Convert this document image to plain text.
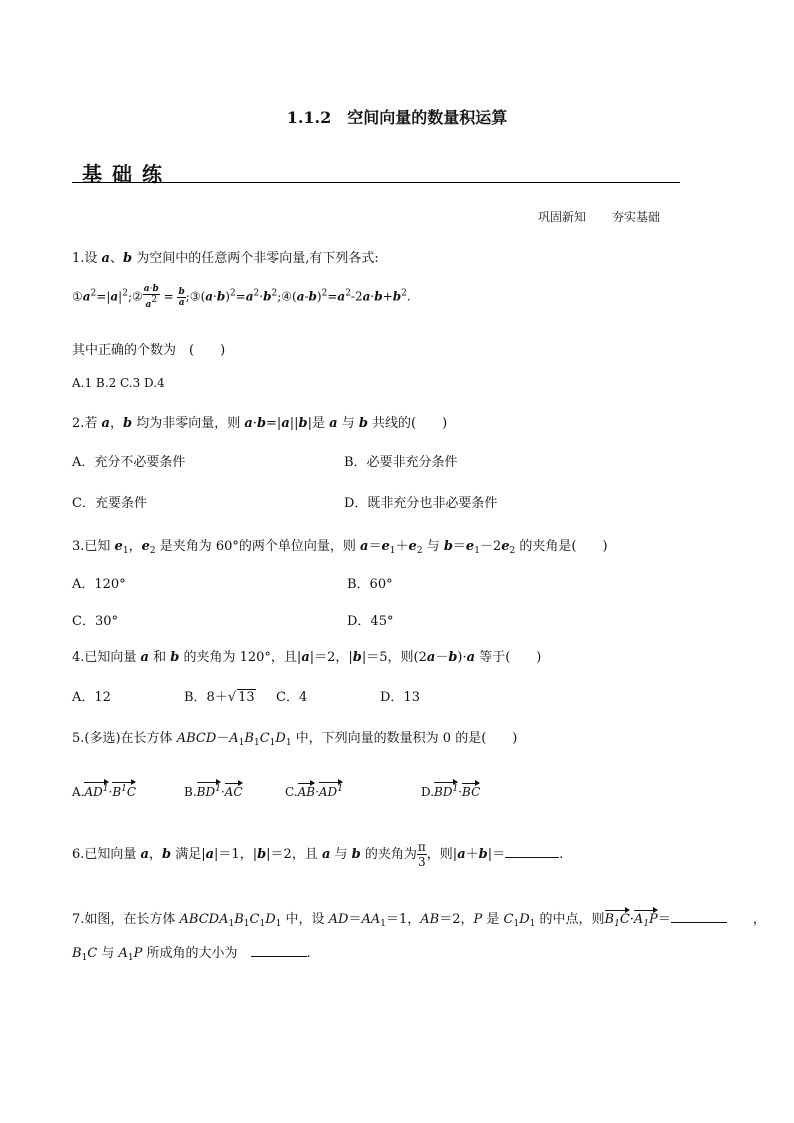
1.1.2　空间向量的数量积运算
基础练
巩固新知 夯实基础
1.设 a、b 为空间中的任意两个非零向量,有下列各式:
$①a^2=|a|^2;② \frac{a\cdot b}{a^2} = \frac{b}{a}$ $;③(a\cdot b)^2=a^2\cdot b^2;④(a-b)^2=a^2-2a\cdot b+b^2$.
其中正确的个数为　(　　)
A.1 B.2 C.3 D.4
2.若 a，b 均为非零向量，则 a·b=|a||b|是 a 与 b 共线的(　　)
A．充分不必要条件	B．必要非充分条件
C．充要条件	D．既非充分也非必要条件
3.已知 $e_1$，$e_2$ 是夹角为 60°的两个单位向量，则 $a=e_1+e_2$ 与 $b=e_1-2e_2$ 的夹角是(　　)
A．120°	B．60°
C．30°	D．45°
4.已知向量 a 和 b 的夹角为 120°，且|a|＝2，|b|＝5，则(2a－b)·a 等于(　　)
A．12	B．8＋√ 13 C．4	D．13
5.(多选)在长方体 $ABCD-A_1B_1C_1D_1$ 中，下列向量的数量积为 0 的是(　　)
$A.AD^1\cdot B^1C$	$B.BD^1\cdot AC$	$C.AB\cdot AD^1$	$D.BD^1\cdot BC$
6.已知向量 a，b 满足|a|＝1，|b|＝2，且 a 与 b 的夹角为 $\frac{\pi}{3}$ ，则|a＋b|＝	.
7.如图，在长方体 $ABCDA_1B_1C_1D_1$ 中，设 $AD=AA_1=1$，AB＝2，P 是 $C_1D_1$ 的中点，则$B_1C\cdot A_1P=$	　　，
$B_1C$ 与 $A_1P$ 所成角的大小为　	.
